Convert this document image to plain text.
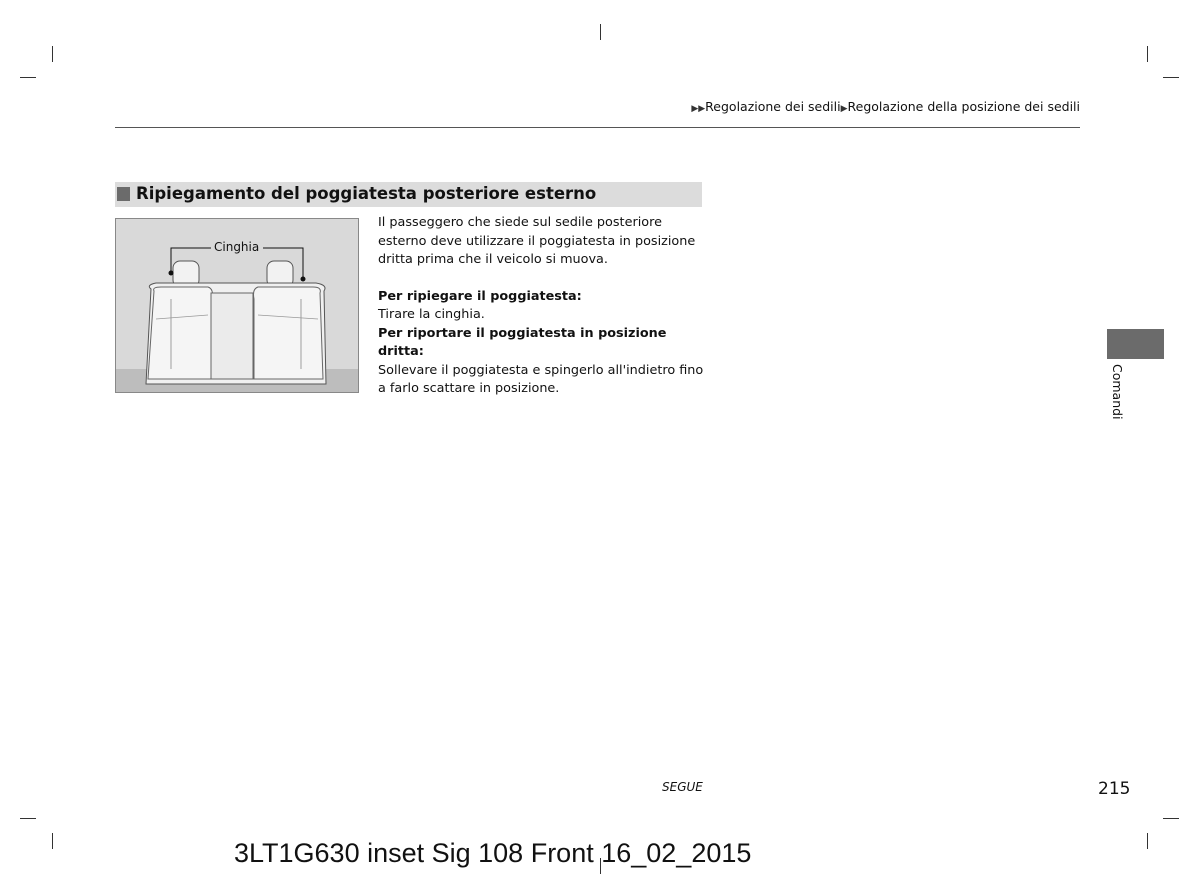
▶▶Regolazione dei sedili▶Regolazione della posizione dei sedili
Ripiegamento del poggiatesta posteriore esterno
Cinghia

Il passeggero che siede sul sedile posteriore esterno deve utilizzare il poggiatesta in posizione dritta prima che il veicolo si muova.

Per ripiegare il poggiatesta:

Tirare la cinghia.

Per riportare il poggiatesta in posizione dritta:

Sollevare il poggiatesta e spingerlo all'indietro fino a farlo scattare in posizione.	Comandi
SEGUE	215
3LT1G630 inset Sig 108 Front 16_02_2015
